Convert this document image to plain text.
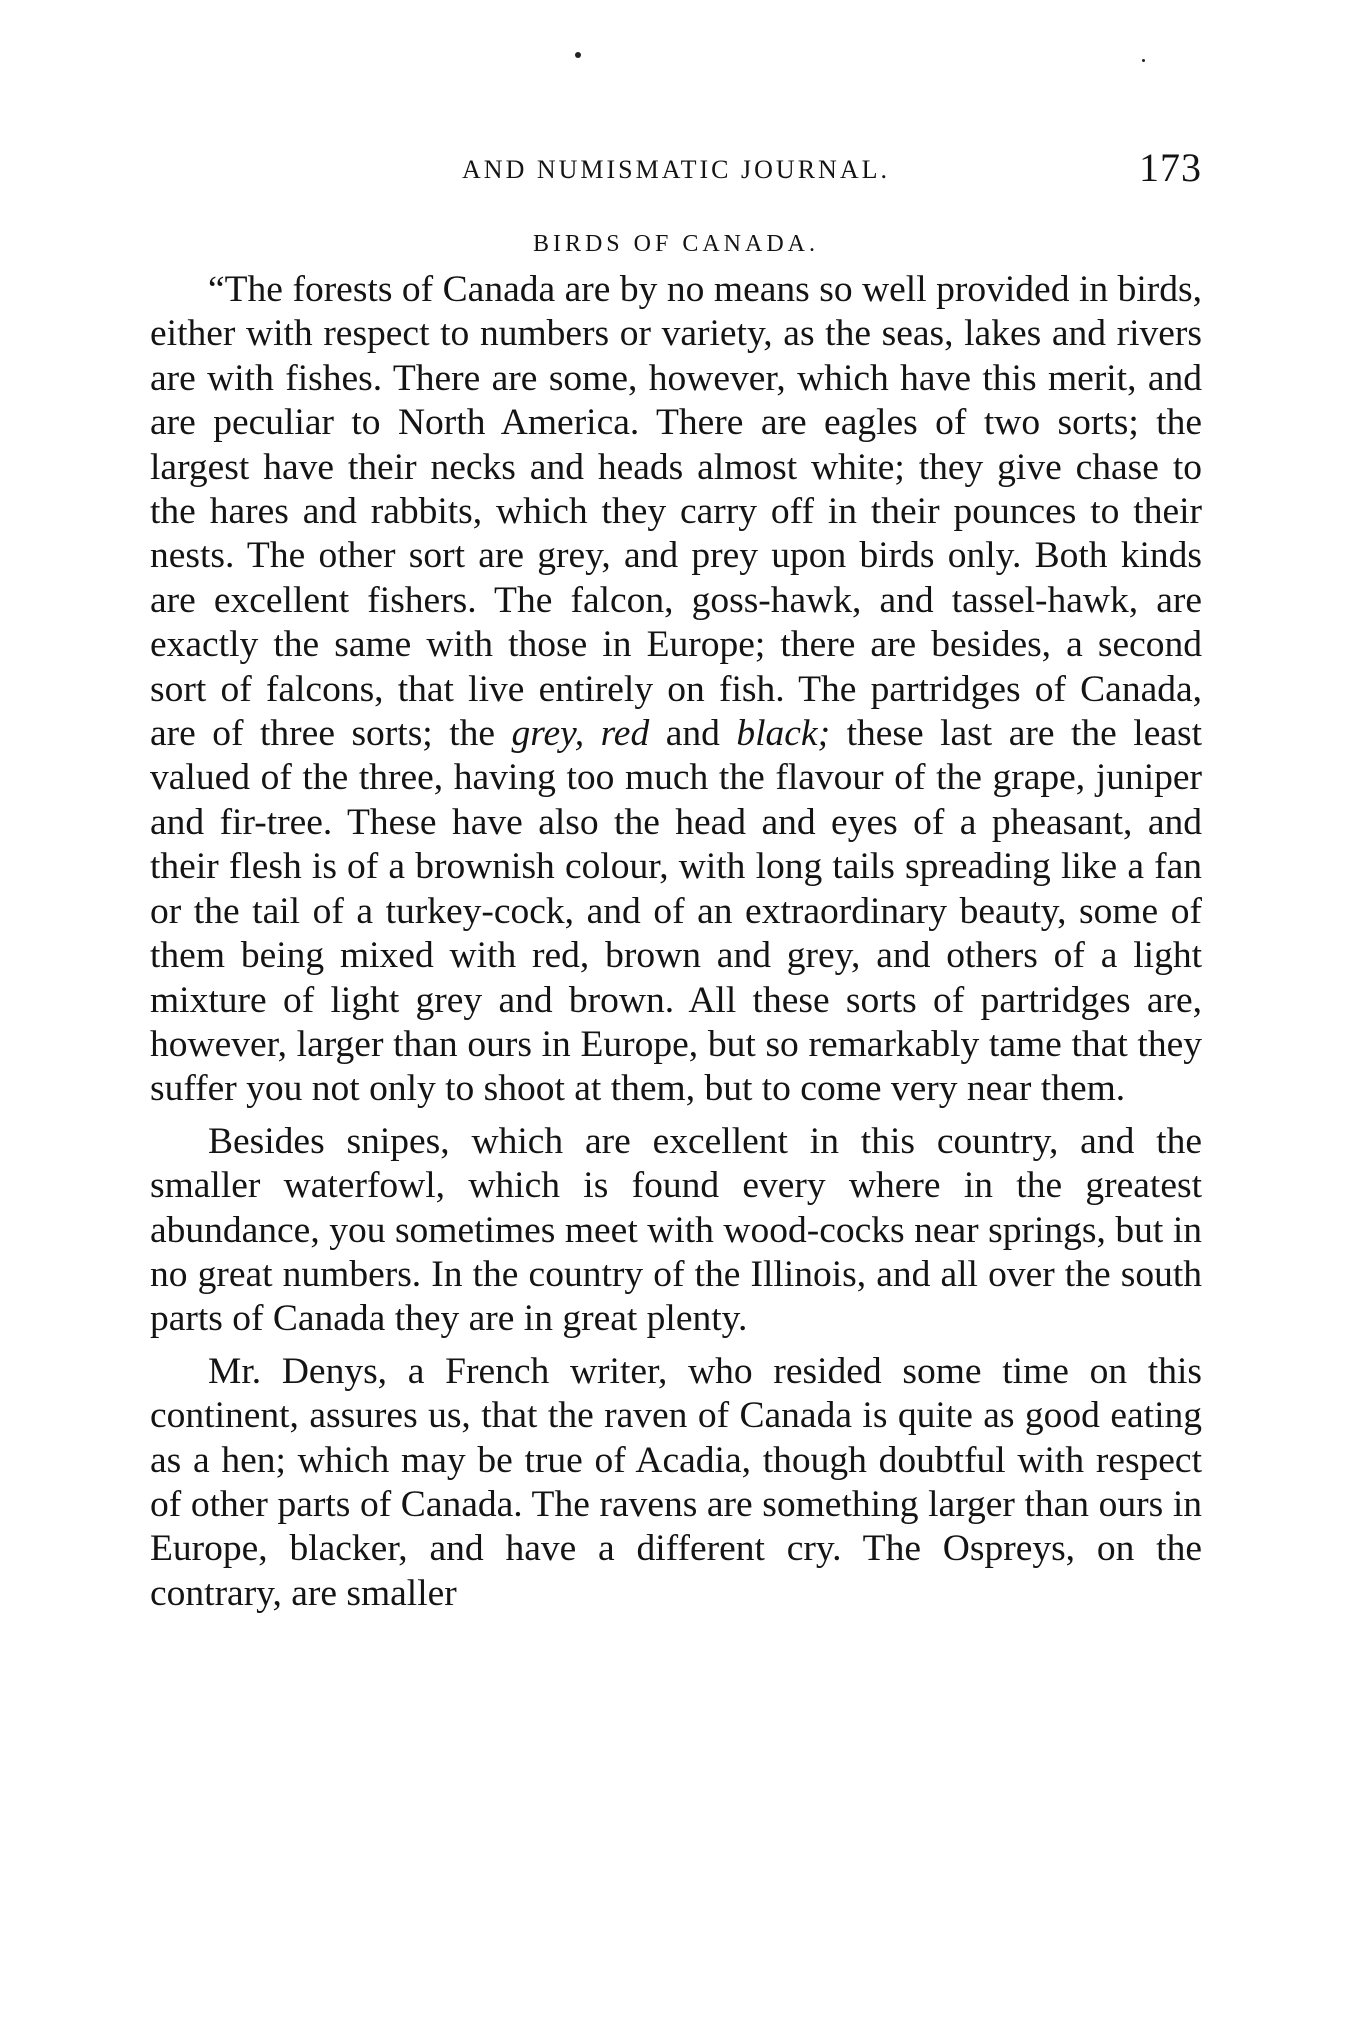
AND NUMISMATIC JOURNAL.	173
BIRDS OF CANADA.

“The forests of Canada are by no means so well provided in birds, either with respect to numbers or variety, as the seas, lakes and rivers are with fishes. There are some, however, which have this merit, and are peculiar to North America. There are eagles of two sorts; the largest have their necks and heads almost white; they give chase to the hares and rabbits, which they carry off in their pounces to their nests. The other sort are grey, and prey upon birds only. Both kinds are excellent fishers. The falcon, goss-hawk, and tassel-hawk, are exactly the same with those in Europe; there are besides, a second sort of falcons, that live entirely on fish. The partridges of Canada, are of three sorts; the grey, red and black; these last are the least valued of the three, having too much the flavour of the grape, juniper and fir-tree. These have also the head and eyes of a pheasant, and their flesh is of a brownish colour, with long tails spreading like a fan or the tail of a turkey-cock, and of an extraordinary beauty, some of them being mixed with red, brown and grey, and others of a light mixture of light grey and brown. All these sorts of partridges are, however, larger than ours in Europe, but so remarkably tame that they suffer you not only to shoot at them, but to come very near them.

Besides snipes, which are excellent in this country, and the smaller waterfowl, which is found every where in the greatest abundance, you sometimes meet with wood-cocks near springs, but in no great numbers. In the country of the Illinois, and all over the south parts of Canada they are in great plenty.

Mr. Denys, a French writer, who resided some time on this continent, assures us, that the raven of Canada is quite as good eating as a hen; which may be true of Acadia, though doubtful with respect of other parts of Canada. The ravens are something larger than ours in Europe, blacker, and have a different cry. The Ospreys, on the contrary, are smaller
